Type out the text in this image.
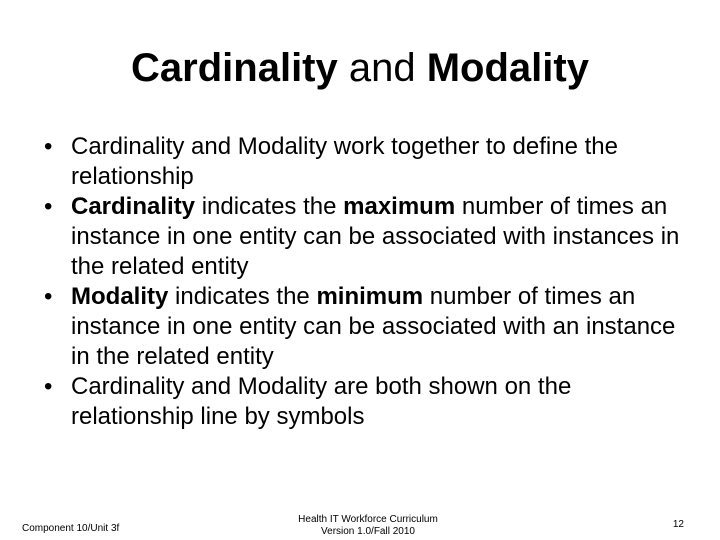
Cardinality and Modality
• Cardinality and Modality work together to define the relationship
• Cardinality indicates the maximum number of times an instance in one entity can be associated with instances in the related entity
• Modality indicates the minimum number of times an instance in one entity can be associated with an instance in the related entity
• Cardinality and Modality are both shown on the relationship line by symbols
Component 10/Unit 3f
Health IT Workforce Curriculum
Version 1.0/Fall 2010
12
